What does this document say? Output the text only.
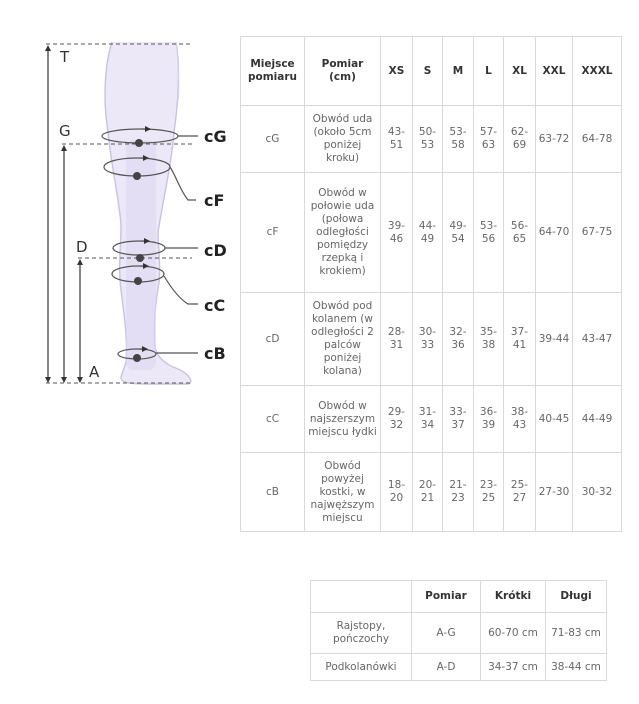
T
G
D
A
cG
cF
cD
cC
cB
Miejsce pomiaru	Pomiar (cm)	XS	S	M	L	XL	XXL	XXXL
cG	Obwód uda (około 5cm poniżej kroku)	43-51	50-53	53-58	57-63	62-69	63-72	64-78
cF	Obwód w połowie uda (połowa odległości pomiędzy rzepką i krokiem)	39-46	44-49	49-54	53-56	56-65	64-70	67-75
cD	Obwód pod kolanem (w odległości 2 palców poniżej kolana)	28-31	30-33	32-36	35-38	37-41	39-44	43-47
cC	Obwód w najszerszym miejscu łydki	29-32	31-34	33-37	36-39	38-43	40-45	44-49
cB	Obwód powyżej kostki, w najwęższym miejscu	18-20	20-21	21-23	23-25	25-27	27-30	30-32
	Pomiar	Krótki	Długi
Rajstopy, pończochy	A-G	60-70 cm	71-83 cm
Podkolanówki	A-D	34-37 cm	38-44 cm
